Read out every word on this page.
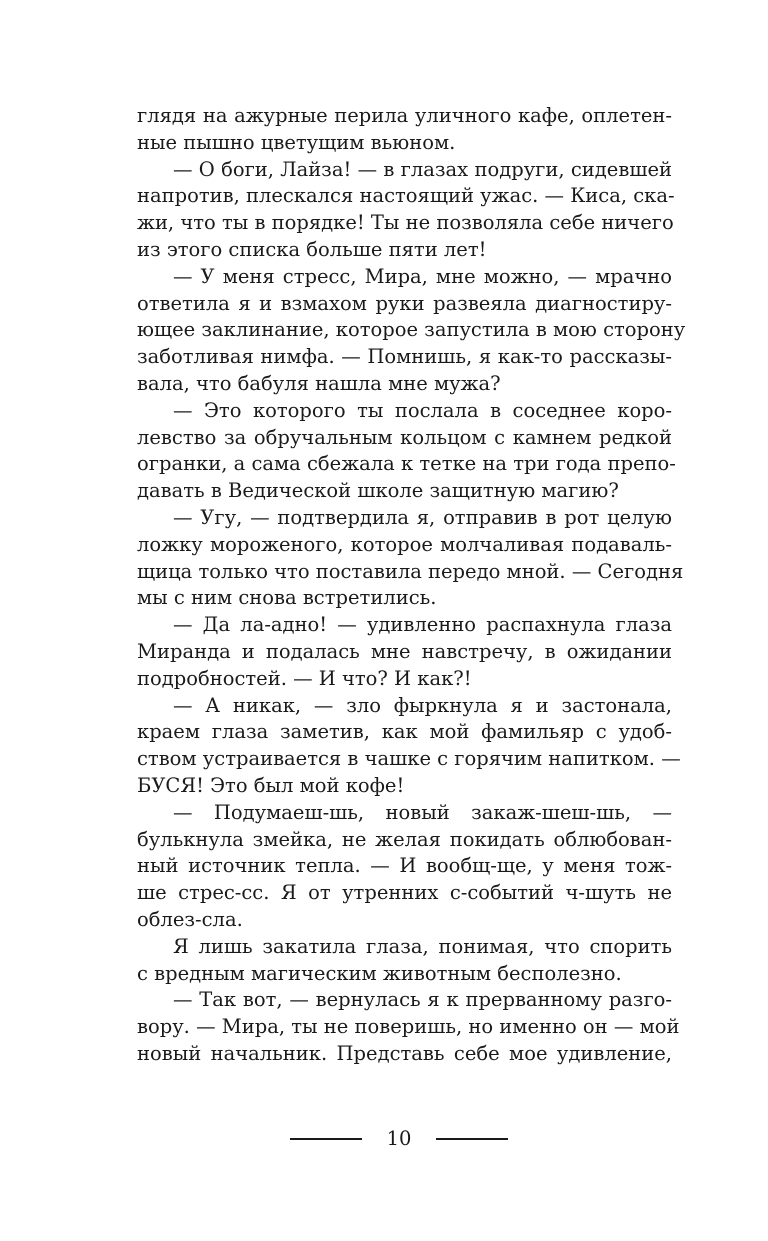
глядя на ажурные перила уличного кафе, оплетен-
ные пышно цветущим вьюном.
— О боги, Лайза! — в глазах подруги, сидевшей
напротив, плескался настоящий ужас. — Киса, ска-
жи, что ты в порядке! Ты не позволяла себе ничего
из этого списка больше пяти лет!
— У меня стресс, Мира, мне можно, — мрачно
ответила я и взмахом руки развеяла диагностиру-
ющее заклинание, которое запустила в мою сторону
заботливая нимфа. — Помнишь, я как-то рассказы-
вала, что бабуля нашла мне мужа?
— Это которого ты послала в соседнее коро-
левство за обручальным кольцом с камнем редкой
огранки, а сама сбежала к тетке на три года препо-
давать в Ведической школе защитную магию?
— Угу, — подтвердила я, отправив в рот целую
ложку мороженого, которое молчаливая подаваль-
щица только что поставила передо мной. — Сегодня
мы с ним снова встретились.
— Да ла-адно! — удивленно распахнула глаза
Миранда и подалась мне навстречу, в ожидании
подробностей. — И что? И как?!
— А никак, — зло фыркнула я и застонала,
краем глаза заметив, как мой фамильяр с удоб-
ством устраивается в чашке с горячим напитком. —
БУСЯ! Это был мой кофе!
— Подумаеш-шь, новый закаж-шеш-шь, —
булькнула змейка, не желая покидать облюбован-
ный источник тепла. — И вообщ-ще, у меня тож-
ше стрес-сс. Я от утренних с-событий ч-шуть не
облез-сла.
Я лишь закатила глаза, понимая, что спорить
с вредным магическим животным бесполезно.
— Так вот, — вернулась я к прерванному разго-
вору. — Мира, ты не поверишь, но именно он — мой
новый начальник. Представь себе мое удивление,
10
